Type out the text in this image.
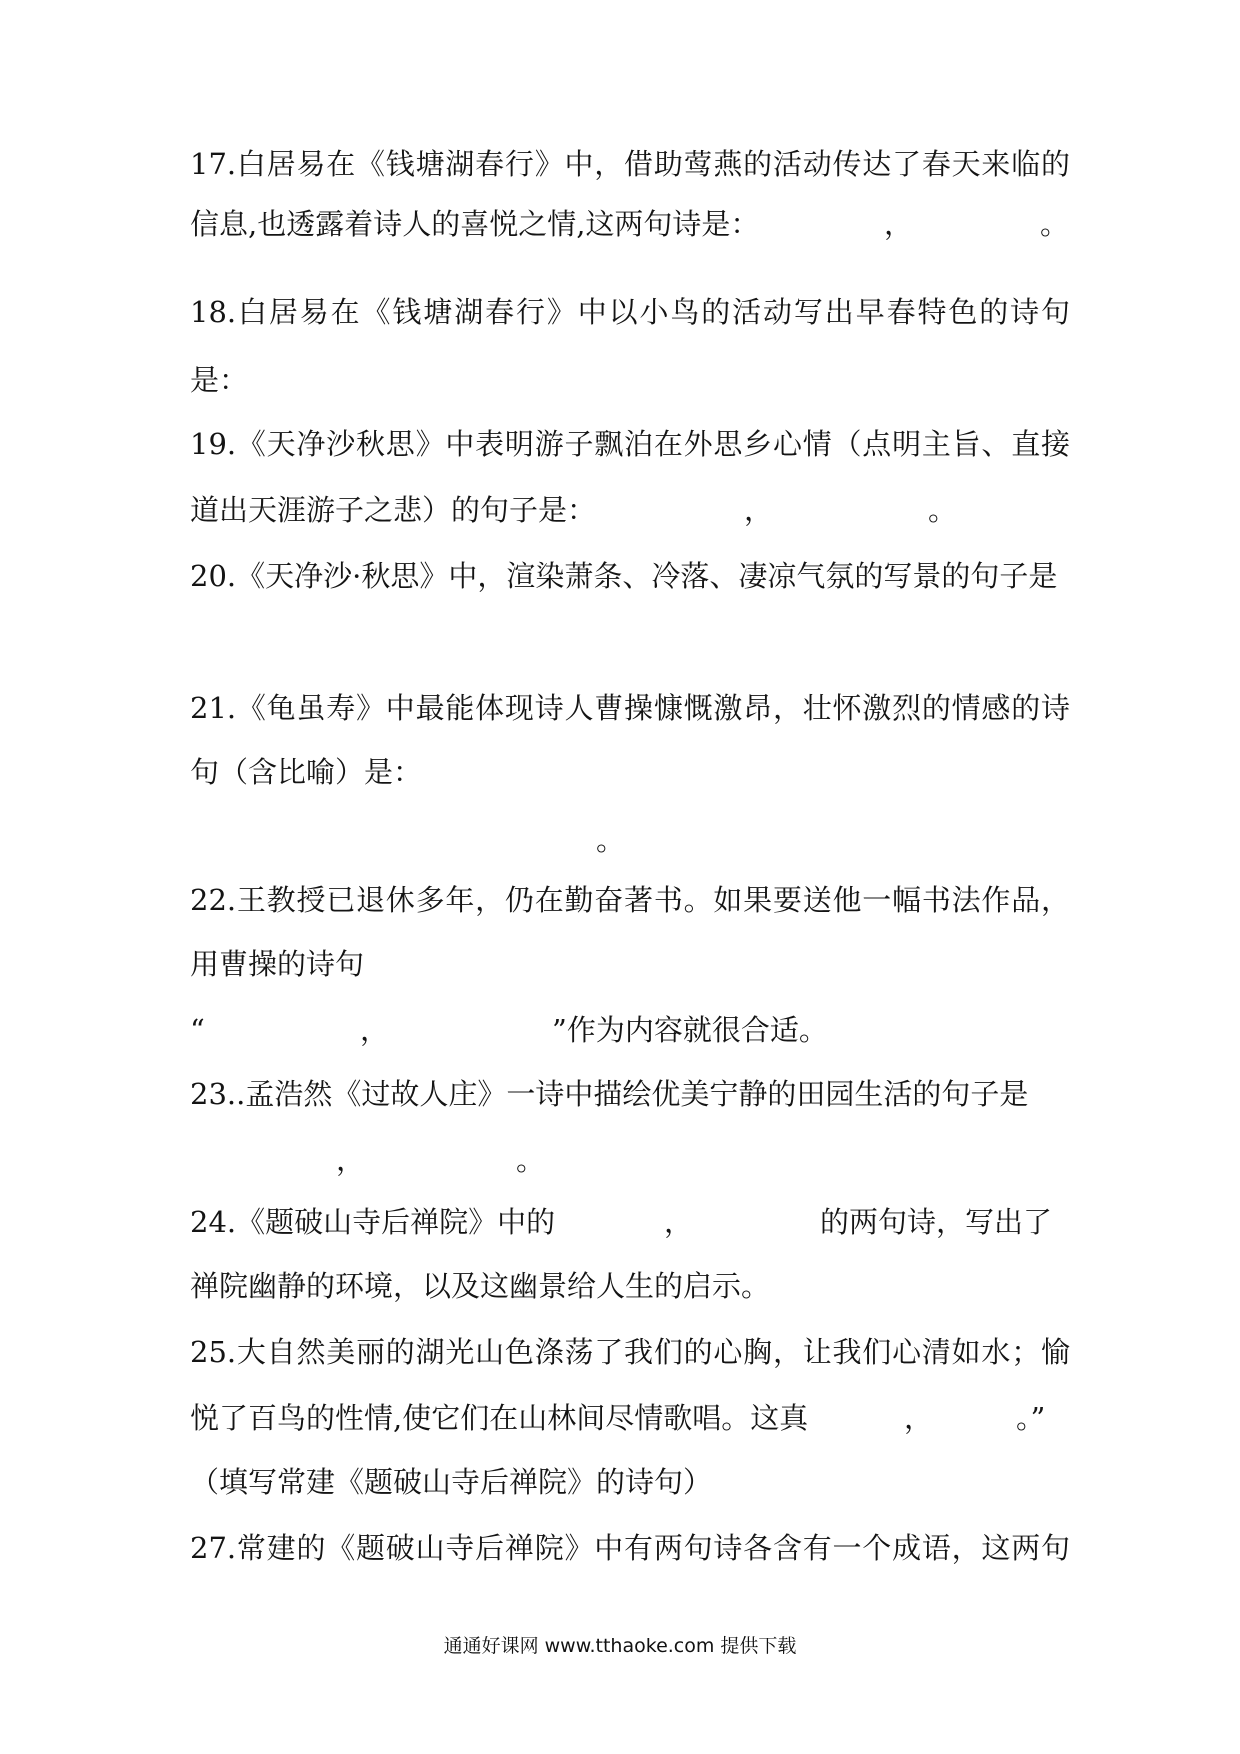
17.白居易在《钱塘湖春行》中，借助莺燕的活动传达了春天来临的
信息,也透露着诗人的喜悦之情,这两句诗是：	，	。
18.白居易在《钱塘湖春行》中以小鸟的活动写出早春特色的诗句
是：
19.《天净沙秋思》中表明游子飘泊在外思乡心情（点明主旨、直接
道出天涯游子之悲）的句子是：	，	。
20.《天净沙·秋思》中，渲染萧条、冷落、凄凉气氛的写景的句子是
21.《龟虽寿》中最能体现诗人曹操慷慨激昂，壮怀激烈的情感的诗
句（含比喻）是：
。
22.王教授已退休多年，仍在勤奋著书。如果要送他一幅书法作品，
用曹操的诗句
“	，	”作为内容就很合适。
23..孟浩然《过故人庄》一诗中描绘优美宁静的田园生活的句子是
，	。
24.《题破山寺后禅院》中的	，	的两句诗，写出了
禅院幽静的环境，以及这幽景给人生的启示。
25.大自然美丽的湖光山色涤荡了我们的心胸，让我们心清如水；愉
悦了百鸟的性情,使它们在山林间尽情歌唱。这真	，	。”
（填写常建《题破山寺后禅院》的诗句）
27.常建的《题破山寺后禅院》中有两句诗各含有一个成语，这两句
通通好课网 www.tthaoke.com 提供下载
